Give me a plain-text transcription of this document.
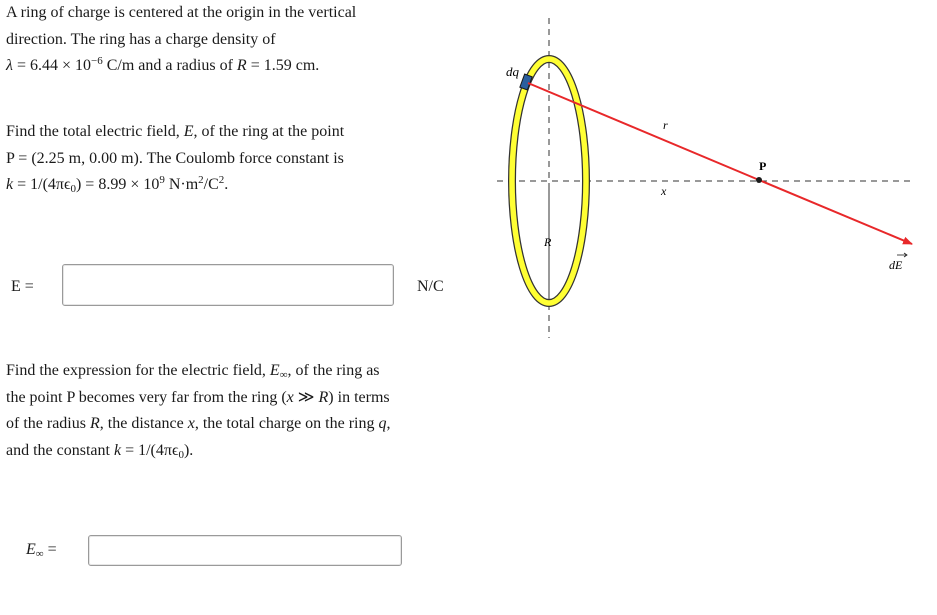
A ring of charge is centered at the origin in the vertical
direction. The ring has a charge density of
$\lambda = 6.44 \times 10^{-6}$ C/m and a radius of R = 1.59 cm.

Find the total electric field, E, of the ring at the point
P = (2.25 m, 0.00 m). The Coulomb force constant is
$k = 1/(4\pi\epsilon_0) = 8.99 \times 10^9$ $N\cdot m^2/C^2$.

E =	N/C

Find the expression for the electric field, $E_\infty$, of the ring as
the point P becomes very far from the ring (x ≫ R) in terms
of the radius R, the distance x, the total charge on the ring q,
and the constant $k = 1/(4\pi\epsilon_0)$.

$E_\infty$ =
dq
r
P
x
R
dE
